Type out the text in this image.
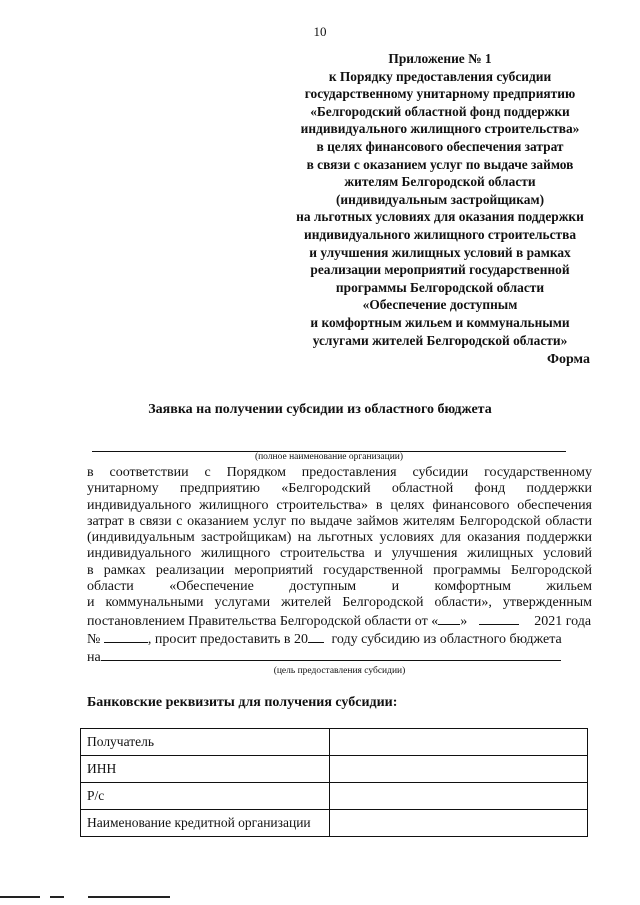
10
Приложение № 1
к Порядку предоставления субсидии
государственному унитарному предприятию
«Белгородский областной фонд поддержки
индивидуального жилищного строительства»
в целях финансового обеспечения затрат
в связи с оказанием услуг по выдаче займов
жителям Белгородской области
(индивидуальным застройщикам)
на льготных условиях для оказания поддержки
индивидуального жилищного строительства
и улучшения жилищных условий в рамках
реализации мероприятий государственной
программы Белгородской области
«Обеспечение доступным
и комфортным жильем и коммунальными
услугами жителей Белгородской области»
Форма
Заявка на получении субсидии из областного бюджета
(полное наименование организации)
в соответствии с Порядком предоставления субсидии государственному
унитарному предприятию «Белгородский областной фонд поддержки
индивидуального жилищного строительства» в целях финансового обеспечения
затрат в связи с оказанием услуг по выдаче займов жителям Белгородской области
(индивидуальным застройщикам) на льготных условиях для оказания поддержки
индивидуального жилищного строительства и улучшения жилищных условий
в рамках реализации мероприятий государственной программы Белгородской
области «Обеспечение доступным и комфортным жильем
и коммунальными услугами жителей Белгородской области», утвержденным
постановлением Правительства Белгородской области от « »	2021 года
№	, просит предоставить в 20 году субсидию из областного бюджета
на
(цель предоставления субсидии)
Банковские реквизиты для получения субсидии:
Получатель	
ИНН	
Р/с	
Наименование кредитной организации	
